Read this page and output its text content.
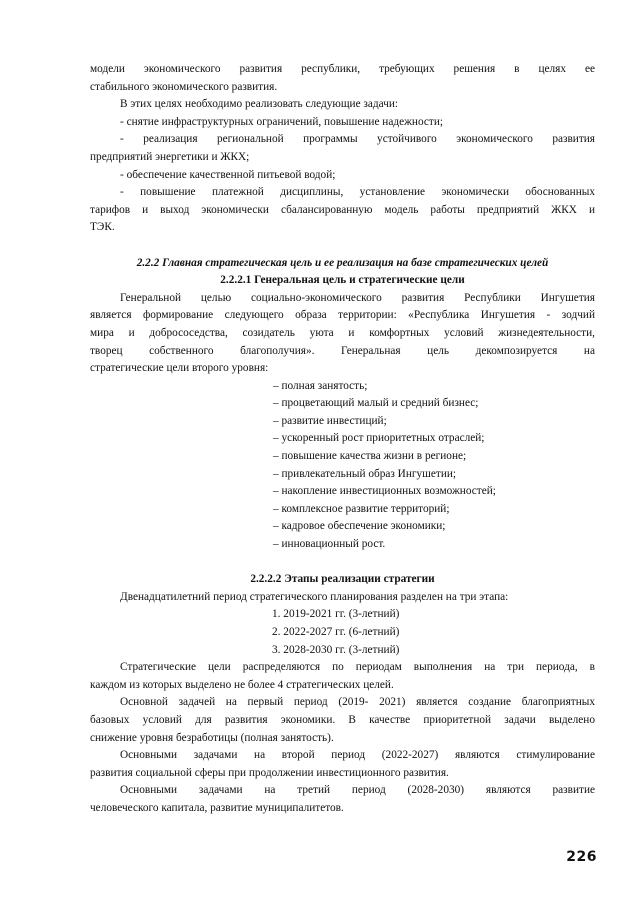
модели экономического развития республики, требующих решения в целях ее

стабильного экономического развития.

В этих целях необходимо реализовать следующие задачи:

- снятие инфраструктурных ограничений, повышение надежности;

- реализация региональной программы устойчивого экономического развития

предприятий энергетики и ЖКХ;

- обеспечение качественной питьевой водой;

- повышение платежной дисциплины, установление экономически обоснованных

тарифов и выход экономически сбалансированную модель работы предприятий ЖКХ и

ТЭК.

2.2.2 Главная стратегическая цель и ее реализация на базе стратегических целей

2.2.2.1 Генеральная цель и стратегические цели

Генеральной целью социально-экономического развития Республики Ингушетия

является формирование следующего образа территории: «Республика Ингушетия - зодчий

мира и добрососедства, созидатель уюта и комфортных условий жизнедеятельности,

творец собственного благополучия». Генеральная цель декомпозируется на

стратегические цели второго уровня:

– полная занятость;
– процветающий малый и средний бизнес;
– развитие инвестиций;
– ускоренный рост приоритетных отраслей;
– повышение качества жизни в регионе;
– привлекательный образ Ингушетии;
– накопление инвестиционных возможностей;
– комплексное развитие территорий;
– кадровое обеспечение экономики;
– инновационный рост.

2.2.2.2 Этапы реализации стратегии

Двенадцатилетний период стратегического планирования разделен на три этапа:

1. 2019-2021 гг. (3-летний)
2. 2022-2027 гг. (6-летний)
3. 2028-2030 гг. (3-летний)

Стратегические цели распределяются по периодам выполнения на три периода, в

каждом из которых выделено не более 4 стратегических целей.

Основной задачей на первый период (2019- 2021) является создание благоприятных

базовых условий для развития экономики. В качестве приоритетной задачи выделено

снижение уровня безработицы (полная занятость).

Основными задачами на второй период (2022-2027) являются стимулирование

развития социальной сферы при продолжении инвестиционного развития.

Основными задачами на третий период (2028-2030) являются развитие

человеческого капитала, развитие муниципалитетов.

226
